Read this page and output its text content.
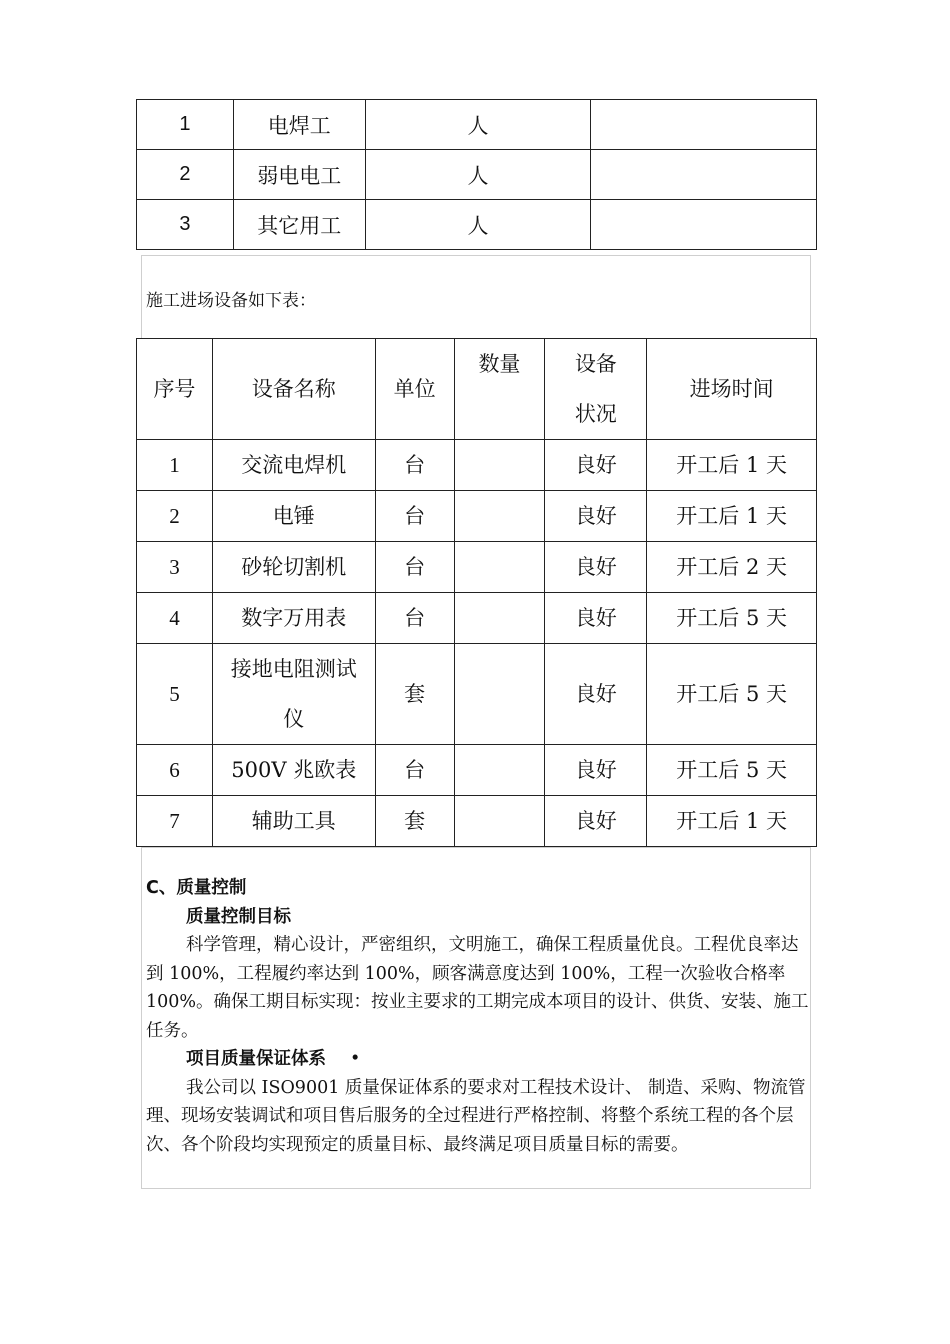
1	电焊工	人	
2	弱电电工	人	
3	其它用工	人	

施工进场设备如下表：

序号	设备名称	单位	数量	设备状况	进场时间
1	交流电焊机	台		良好	开工后 1 天
2	电锤	台		良好	开工后 1 天
3	砂轮切割机	台		良好	开工后 2 天
4	数字万用表	台		良好	开工后 5 天
5	接地电阻测试仪	套		良好	开工后 5 天
6	500V 兆欧表	台		良好	开工后 5 天
7	辅助工具	套		良好	开工后 1 天

C、质量控制

质量控制目标

科学管理，精心设计，严密组织，文明施工，确保工程质量优良。工程优良率达到 100%，工程履约率达到 100%，顾客满意度达到 100%，工程一次验收合格率 100%。确保工期目标实现：按业主要求的工期完成本项目的设计、供货、安装、施工任务。

项目质量保证体系 •

我公司以 ISO9001 质量保证体系的要求对工程技术设计、 制造、采购、物流管理、现场安装调试和项目售后服务的全过程进行严格控制、将整个系统工程的各个层次、各个阶段均实现预定的质量目标、最终满足项目质量目标的需要。
